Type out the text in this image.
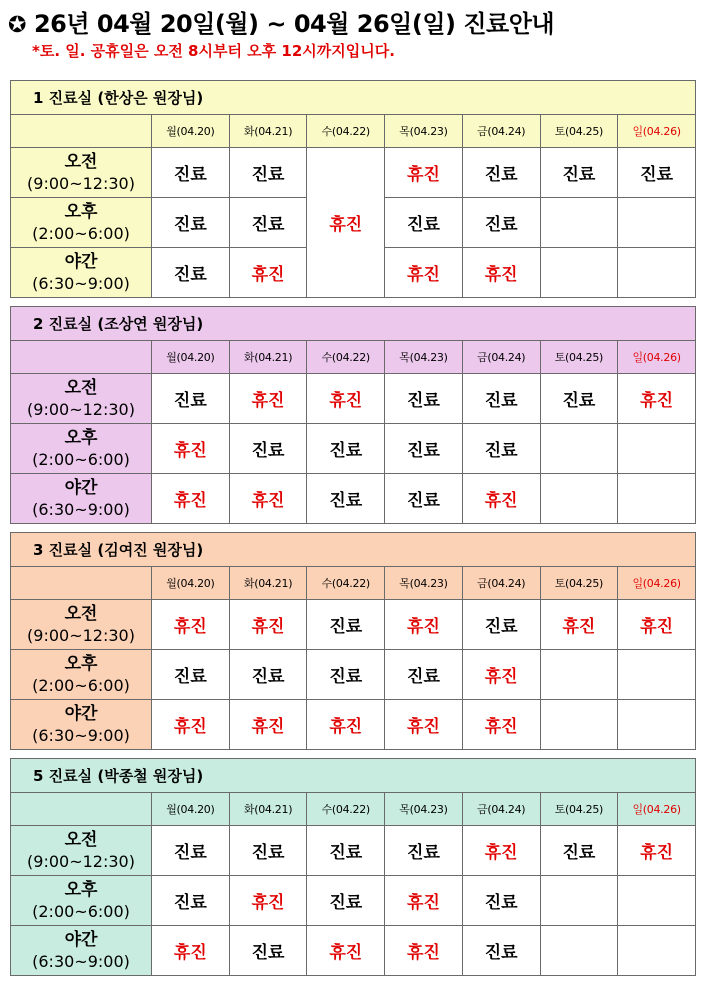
✪ 26년 04월 20일(월) ~ 04월 26일(일) 진료안내
*토. 일. 공휴일은 오전 8시부터 오후 12시까지입니다.
1 진료실 (한상은 원장님)							
	월(04.20)	화(04.21)	수(04.22)	목(04.23)	금(04.24)	토(04.25)	일(04.26)

오전
(9:00~12:30)	진료	진료	휴진	휴진	진료	진료	진료

오후
(2:00~6:00)	진료	진료		진료	진료		

야간
(6:30~9:00)	진료	휴진		휴진	휴진		
2 진료실 (조상연 원장님)							
	월(04.20)	화(04.21)	수(04.22)	목(04.23)	금(04.24)	토(04.25)	일(04.26)

오전
(9:00~12:30)	진료	휴진	휴진	진료	진료	진료	휴진

오후
(2:00~6:00)	휴진	진료	진료	진료	진료		

야간
(6:30~9:00)	휴진	휴진	진료	진료	휴진		
3 진료실 (김여진 원장님)							
	월(04.20)	화(04.21)	수(04.22)	목(04.23)	금(04.24)	토(04.25)	일(04.26)

오전
(9:00~12:30)	휴진	휴진	진료	휴진	진료	휴진	휴진

오후
(2:00~6:00)	진료	진료	진료	진료	휴진		

야간
(6:30~9:00)	휴진	휴진	휴진	휴진	휴진		
5 진료실 (박종철 원장님)							
	월(04.20)	화(04.21)	수(04.22)	목(04.23)	금(04.24)	토(04.25)	일(04.26)

오전
(9:00~12:30)	진료	진료	진료	진료	휴진	진료	휴진

오후
(2:00~6:00)	진료	휴진	진료	휴진	진료		

야간
(6:30~9:00)	휴진	진료	휴진	휴진	진료		
